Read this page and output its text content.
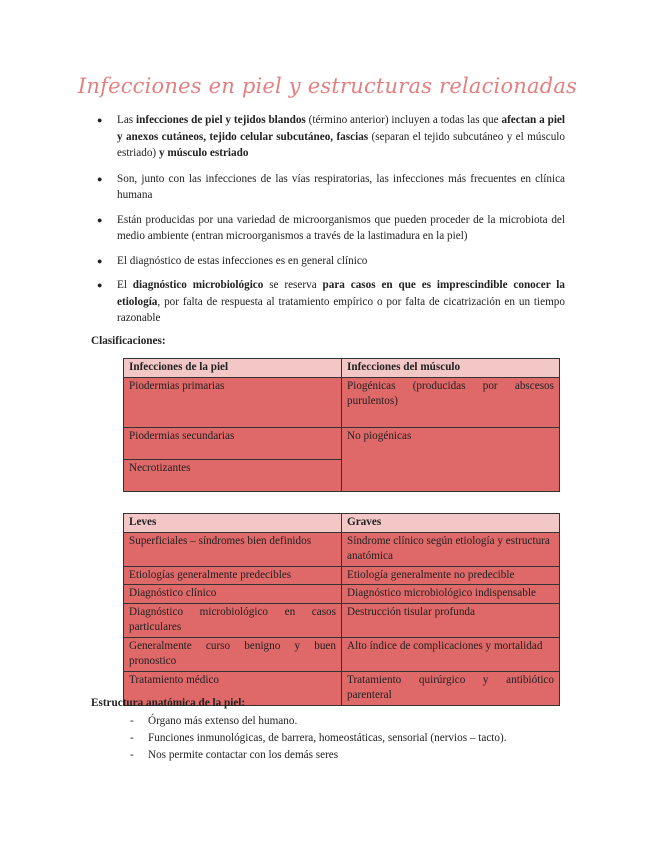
Infecciones en piel y estructuras relacionadas
● Las infecciones de piel y tejidos blandos (término anterior) incluyen a todas las que afectan a piel y anexos cutáneos, tejido celular subcutáneo, fascias (separan el tejido subcutáneo y el músculo estriado) y músculo estriado
● Son, junto con las infecciones de las vías respiratorias, las infecciones más frecuentes en clínica humana
● Están producidas por una variedad de microorganismos que pueden proceder de la microbiota del medio ambiente (entran microorganismos a través de la lastimadura en la piel)
● El diagnóstico de estas infecciones es en general clínico
● El diagnóstico microbiológico se reserva para casos en que es imprescindible conocer la etiología, por falta de respuesta al tratamiento empírico o por falta de cicatrización en un tiempo razonable
Clasificaciones:
Infecciones de la piel	Infecciones del músculo
Piodermias primarias	Piogénicas (producidas por abscesos purulentos)
Piodermias secundarias	No piogénicas
Necrotizantes	
Leves	Graves
Superficiales – síndromes bien definidos	Síndrome clínico según etiología y estructura anatómica
Etiologías generalmente predecibles	Etiología generalmente no predecible
Diagnóstico clínico	Diagnóstico microbiológico indispensable
Diagnóstico microbiológico en casos particulares	Destrucción tisular profunda
Generalmente curso benigno y buen pronostico	Alto índice de complicaciones y mortalidad
Tratamiento médico	Tratamiento quirúrgico y antibiótico parenteral
Estructura anatómica de la piel:
- Órgano más extenso del humano.
- Funciones inmunológicas, de barrera, homeostáticas, sensorial (nervios – tacto).
- Nos permite contactar con los demás seres
